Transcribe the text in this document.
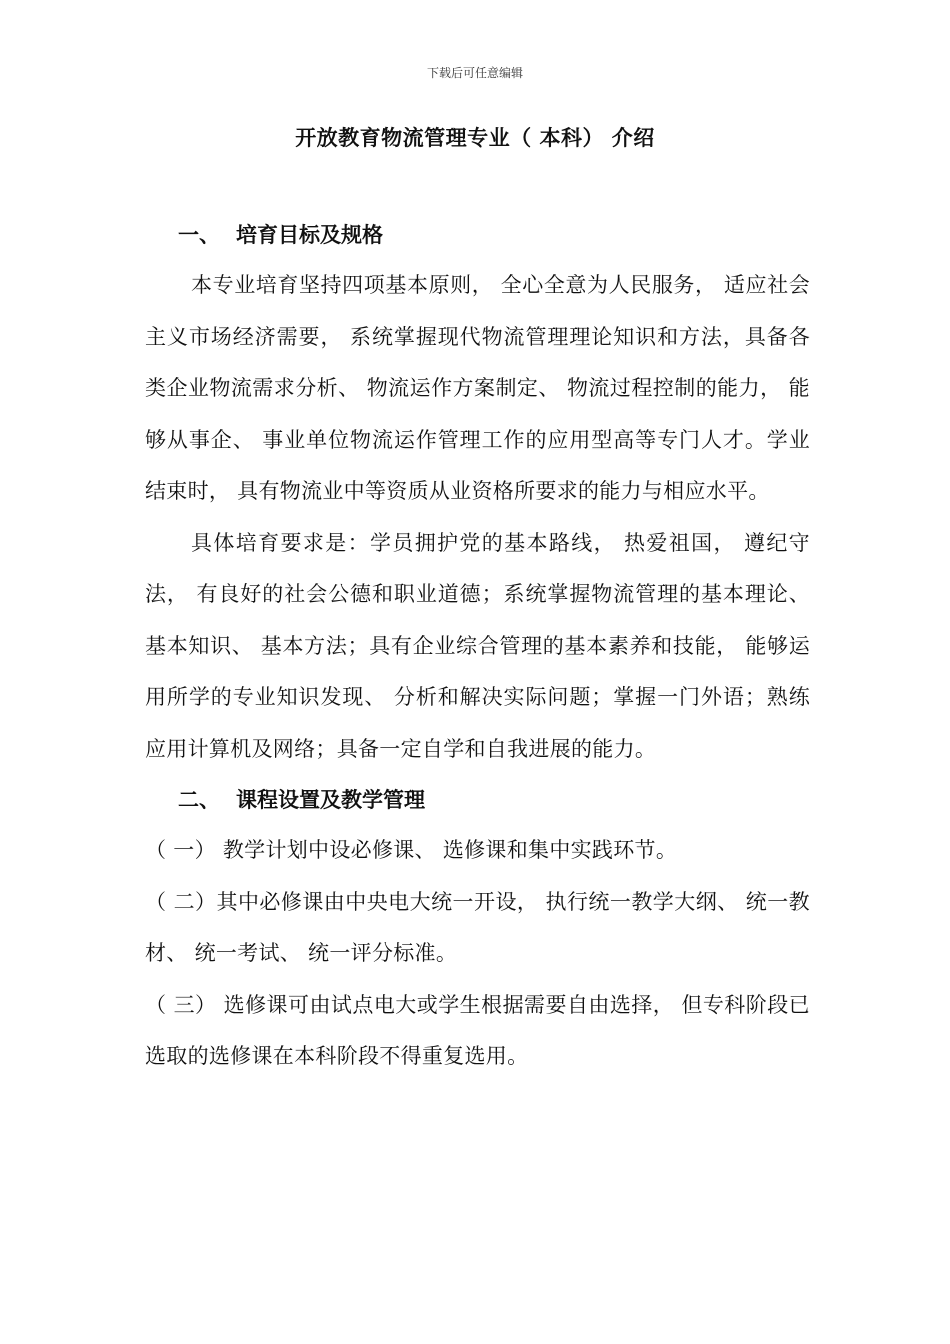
下载后可任意编辑
开放教育物流管理专业（ 本科） 介绍
一、 培育目标及规格

本专业培育坚持四项基本原则， 全心全意为人民服务， 适应社会主义市场经济需要， 系统掌握现代物流管理理论知识和方法，具备各类企业物流需求分析、 物流运作方案制定、 物流过程控制的能力， 能够从事企、 事业单位物流运作管理工作的应用型高等专门人才。学业结束时， 具有物流业中等资质从业资格所要求的能力与相应水平。

具体培育要求是：学员拥护党的基本路线， 热爱祖国， 遵纪守法， 有良好的社会公德和职业道德；系统掌握物流管理的基本理论、 基本知识、 基本方法；具有企业综合管理的基本素养和技能， 能够运用所学的专业知识发现、 分析和解决实际问题；掌握一门外语；熟练应用计算机及网络；具备一定自学和自我进展的能力。

二、 课程设置及教学管理

（ 一） 教学计划中设必修课、 选修课和集中实践环节。

（ 二）其中必修课由中央电大统一开设， 执行统一教学大纲、 统一教材、 统一考试、 统一评分标准。

（ 三） 选修课可由试点电大或学生根据需要自由选择， 但专科阶段已选取的选修课在本科阶段不得重复选用。
